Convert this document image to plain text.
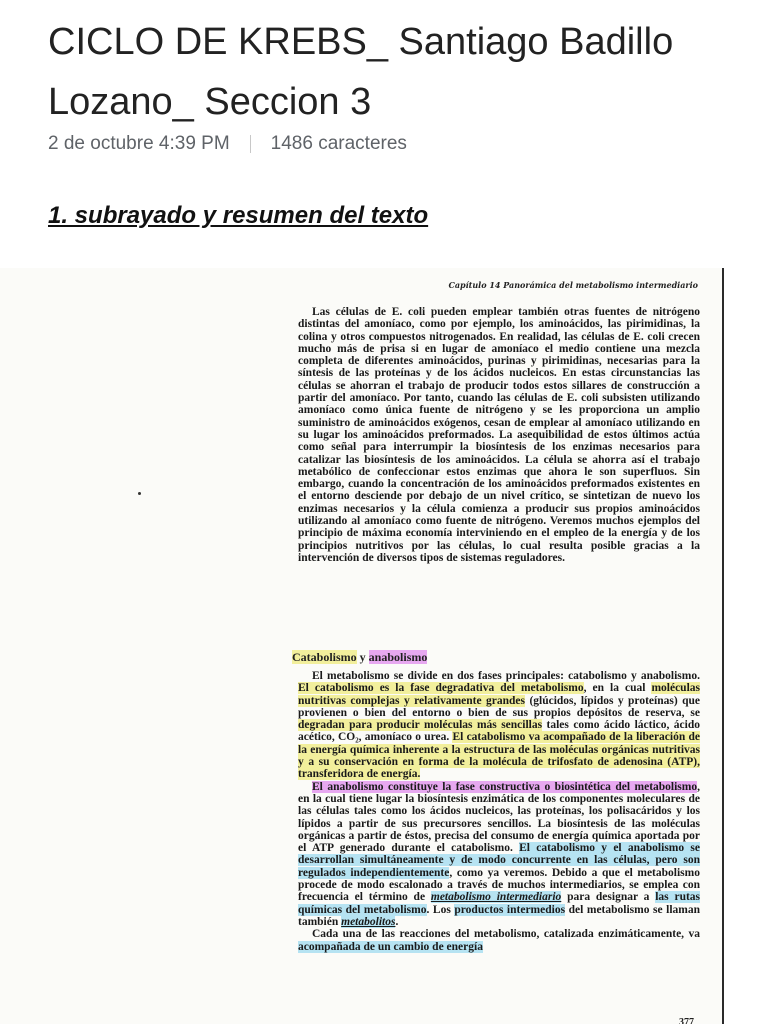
CICLO DE KREBS_ Santiago Badillo Lozano_ Seccion 3
2 de octubre 4:39 PM 1486 caracteres
1. subrayado y resumen del texto
Capítulo 14 Panorámica del metabolismo intermediario

Las células de E. coli pueden emplear también otras fuentes de nitrógeno distintas del amoníaco, como por ejemplo, los aminoácidos, las pirimidinas, la colina y otros compuestos nitrogenados. En realidad, las células de E. coli crecen mucho más de prisa si en lugar de amoníaco el medio contiene una mezcla completa de diferentes aminoácidos, purinas y pirimidinas, necesarias para la síntesis de las proteínas y de los ácidos nucleicos. En estas circunstancias las células se ahorran el trabajo de producir todos estos sillares de construcción a partir del amoníaco. Por tanto, cuando las células de E. coli subsisten utilizando amoníaco como única fuente de nitrógeno y se les proporciona un amplio suministro de aminoácidos exógenos, cesan de emplear al amoníaco utilizando en su lugar los aminoácidos preformados. La asequibilidad de estos últimos actúa como señal para interrumpir la biosíntesis de los enzimas necesarios para catalizar las biosíntesis de los aminoácidos. La célula se ahorra así el trabajo metabólico de confeccionar estos enzimas que ahora le son superfluos. Sin embargo, cuando la concentración de los aminoácidos preformados existentes en el entorno desciende por debajo de un nivel crítico, se sintetizan de nuevo los enzimas necesarios y la célula comienza a producir sus propios aminoácidos utilizando al amoníaco como fuente de nitrógeno. Veremos muchos ejemplos del principio de máxima economía interviniendo en el empleo de la energía y de los principios nutritivos por las células, lo cual resulta posible gracias a la intervención de diversos tipos de sistemas reguladores.

Catabolismo y anabolismo

El metabolismo se divide en dos fases principales: catabolismo y anabolismo. El catabolismo es la fase degradativa del metabolismo, en la cual moléculas nutritivas complejas y relativamente grandes (glúcidos, lípidos y proteínas) que provienen o bien del entorno o bien de sus propios depósitos de reserva, se degradan para producir moléculas más sencillas tales como ácido láctico, ácido acético, CO₂, amoníaco o urea. El catabolismo va acompañado de la liberación de la energía química inherente a la estructura de las moléculas orgánicas nutritivas y a su conservación en forma de la molécula de trifosfato de adenosina (ATP), transferidora de energía.

El anabolismo constituye la fase constructiva o biosintética del metabolismo, en la cual tiene lugar la biosíntesis enzimática de los componentes moleculares de las células tales como los ácidos nucleicos, las proteínas, los polisacáridos y los lípidos a partir de sus precursores sencillos. La biosíntesis de las moléculas orgánicas a partir de éstos, precisa del consumo de energía química aportada por el ATP generado durante el catabolismo. El catabolismo y el anabolismo se desarrollan simultáneamente y de modo concurrente en las células, pero son regulados independientemente, como ya veremos. Debido a que el metabolismo procede de modo escalonado a través de muchos intermediarios, se emplea con frecuencia el término de metabolismo intermediario para designar a las rutas químicas del metabolismo. Los productos intermedios del metabolismo se llaman también metabolitos.

Cada una de las reacciones del metabolismo, catalizada enzimáticamente, va acompañada de un cambio de energía

377
